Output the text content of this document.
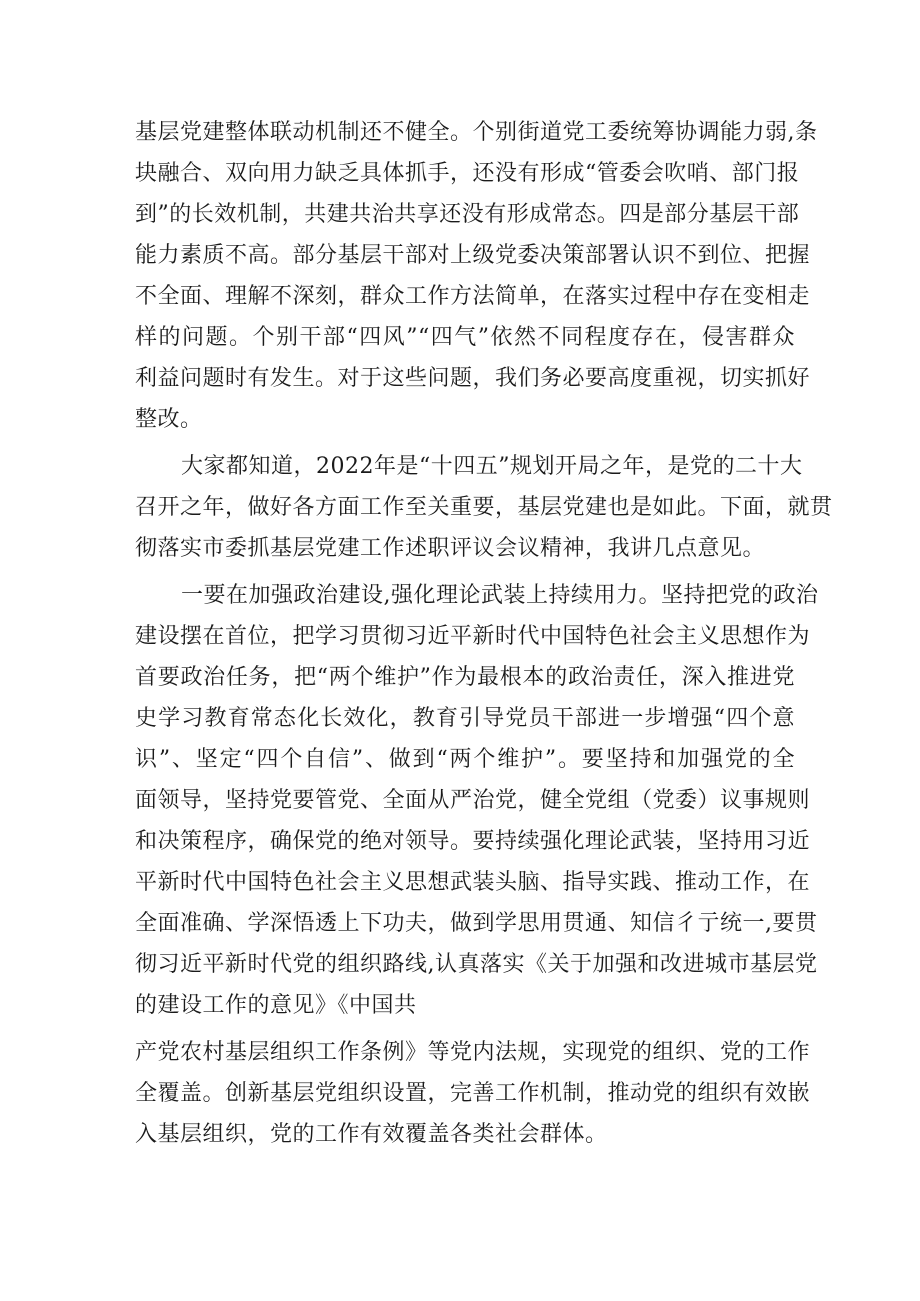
基层党建整体联动机制还不健全。个别街道党工委统筹协调能力弱,条
块融合、双向用力缺乏具体抓手，还没有形成“管委会吹哨、部门报
到”的长效机制，共建共治共享还没有形成常态。四是部分基层干部
能力素质不高。部分基层干部对上级党委决策部署认识不到位、把握
不全面、理解不深刻，群众工作方法简单，在落实过程中存在变相走
样的问题。个别干部“四风”“四气”依然不同程度存在，侵害群众
利益问题时有发生。对于这些问题，我们务必要高度重视，切实抓好
整改。
大家都知道，2022年是“十四五”规划开局之年，是党的二十大
召开之年，做好各方面工作至关重要，基层党建也是如此。下面，就贯
彻落实市委抓基层党建工作述职评议会议精神，我讲几点意见。
一要在加强政治建设,强化理论武装上持续用力。坚持把党的政治
建设摆在首位，把学习贯彻习近平新时代中国特色社会主义思想作为
首要政治任务，把“两个维护”作为最根本的政治责任，深入推进党
史学习教育常态化长效化，教育引导党员干部进一步增强“四个意
识”、坚定“四个自信”、做到“两个维护”。要坚持和加强党的全
面领导，坚持党要管党、全面从严治党，健全党组（党委）议事规则
和决策程序，确保党的绝对领导。要持续强化理论武装，坚持用习近
平新时代中国特色社会主义思想武装头脑、指导实践、推动工作，在
全面准确、学深悟透上下功夫，做到学思用贯通、知信彳亍统一,要贯
彻习近平新时代党的组织路线,认真落实《关于加强和改进城市基层党
的建设工作的意见》《中国共
产党农村基层组织工作条例》等党内法规，实现党的组织、党的工作
全覆盖。创新基层党组织设置，完善工作机制，推动党的组织有效嵌
入基层组织，党的工作有效覆盖各类社会群体。
